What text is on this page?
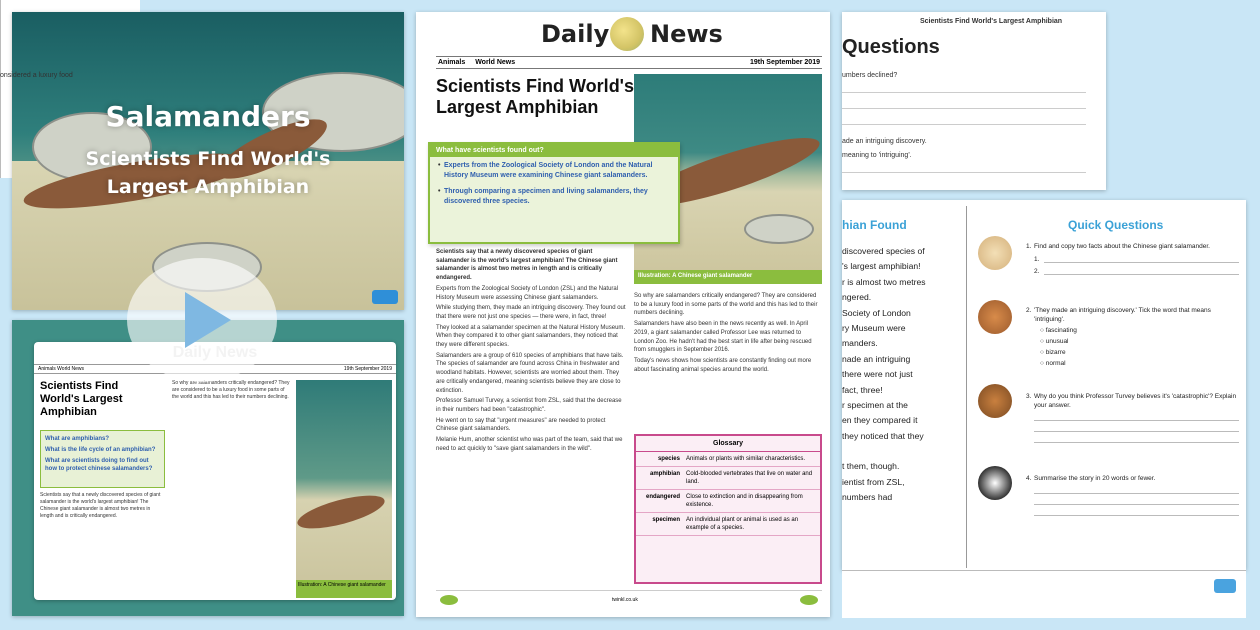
Salamanders
Scientists Find World's
Largest Amphibian
Animals World News	19th September 2019
Scientists Find World's Largest Amphibian
What are amphibians?
What is the life cycle of an amphibian?
What are scientists doing to find out how to protect chinese salamanders?
Scientists say that a newly discovered species of giant salamander is the world's largest amphibian! The Chinese giant salamander is almost two metres in length and is critically endangered.
So why are salamanders critically endangered? They are considered to be a luxury food in some parts of the world and this has led to their numbers declining.
Illustration: A Chinese giant salamander
Daily News
Animals World News	19th September 2019
Scientists Find World's Largest Amphibian
Illustration: A Chinese giant salamander
What have scientists found out?
• Experts from the Zoological Society of London and the Natural History Museum were examining Chinese giant salamanders.
• Through comparing a specimen and living salamanders, they discovered three species.

Scientists say that a newly discovered species of giant salamander is the world's largest amphibian! The Chinese giant salamander is almost two metres in length and is critically endangered.

Experts from the Zoological Society of London (ZSL) and the Natural History Museum were assessing Chinese giant salamanders.

While studying them, they made an intriguing discovery. They found out that there were not just one species — there were, in fact, three!

They looked at a salamander specimen at the Natural History Museum. When they compared it to other giant salamanders, they noticed that they were different species.

Salamanders are a group of 610 species of amphibians that have tails. The species of salamander are found across China in freshwater and woodland habitats. However, scientists are worried about them. They are critically endangered, meaning scientists believe they are close to extinction.

Professor Samuel Turvey, a scientist from ZSL, said that the decrease in their numbers had been "catastrophic".

He went on to say that "urgent measures" are needed to protect Chinese giant salamanders.

Melanie Hum, another scientist who was part of the team, said that we need to act quickly to "save giant salamanders in the wild".

So why are salamanders critically endangered? They are considered to be a luxury food in some parts of the world and this has led to their numbers declining.

Salamanders have also been in the news recently as well. In April 2019, a giant salamander called Professor Lee was returned to London Zoo. He hadn't had the best start in life after being rescued from smugglers in September 2016.

Today's news shows how scientists are constantly finding out more about fascinating animal species around the world.

Glossary
species	Animals or plants with similar characteristics.
amphibian	Cold-blooded vertebrates that live on water and land.
endangered	Close to extinction and in disappearing from existence.
specimen	An individual plant or animal is used as an example of a species.
twinkl.co.uk
Scientists Find World's Largest Amphibian
Questions
umbers declined?
ade an intriguing discovery.
meaning to 'intriguing'.
onsidered a luxury food
hian Found
discovered species of
's largest amphibian!
r is almost two metres
ngered.
Society of London
ry Museum were
manders.
nade an intriguing
there were not just
fact, three!
r specimen at the
en they compared it
they noticed that they
t them, though.
ientist from ZSL,
numbers had
Quick Questions
1. Find and copy two facts about the Chinese giant salamander.
1.
2.
2. 'They made an intriguing discovery.' Tick the word that means 'intriguing'.
○ fascinating
○ unusual
○ bizarre
○ normal
3. Why do you think Professor Turvey believes it's 'catastrophic'? Explain your answer.
4. Summarise the story in 20 words or fewer.
